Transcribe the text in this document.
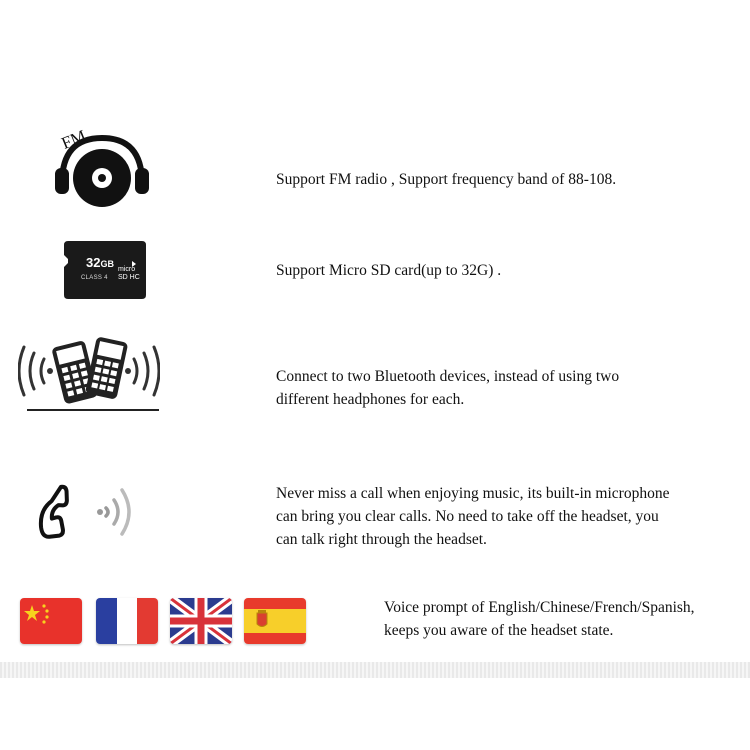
FM

Support FM radio , Support frequency band of 88-108.

32GB
CLASS 4
micro SD HC	Support Micro SD card(up to 32G) .

Connect to two Bluetooth devices, instead of using two

different headphones for each.

Never miss a call when enjoying music, its built-in microphone

can bring you clear calls. No need to take off the headset, you

can talk right through the headset.

Voice prompt of English/Chinese/French/Spanish,

keeps you aware of the headset state.
